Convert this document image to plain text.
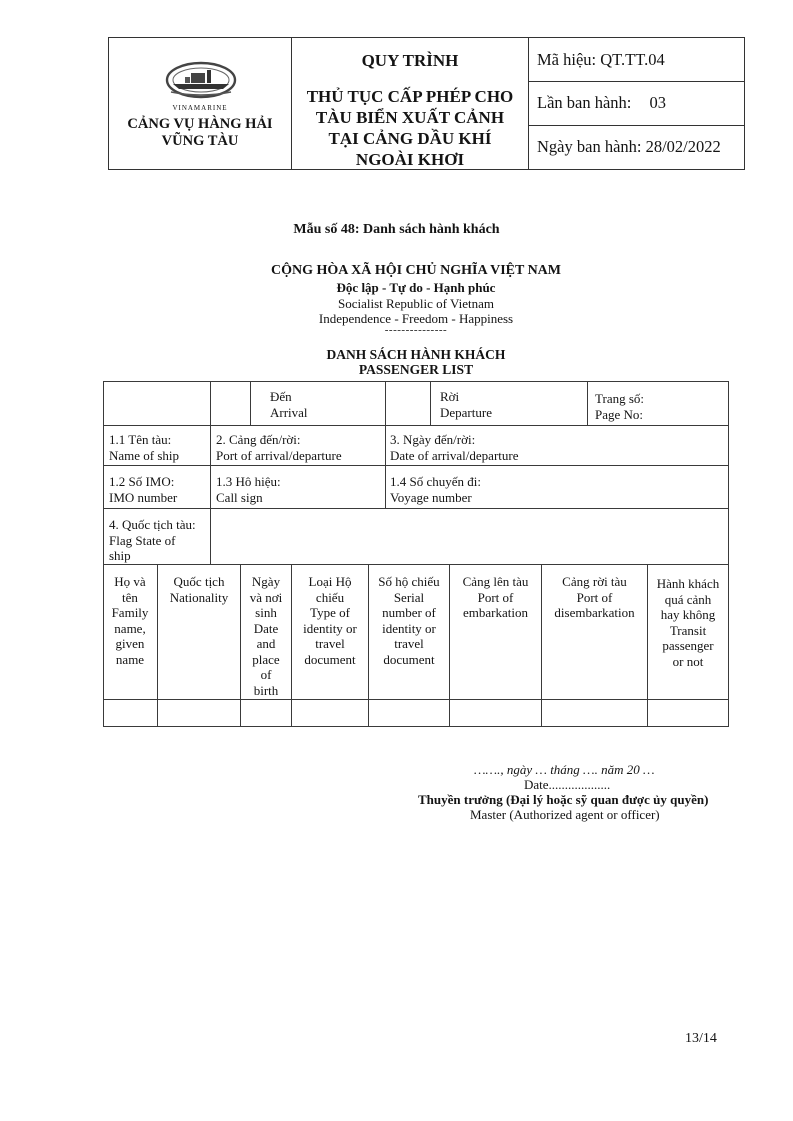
VINAMARINE
CẢNG VỤ HÀNG HẢI
VŨNG TÀU
QUY TRÌNH
THỦ TỤC CẤP PHÉP CHO
TÀU BIỂN XUẤT CẢNH
TẠI CẢNG DẦU KHÍ
NGOÀI KHƠI
Mã hiệu: QT.TT.04
Lần ban hành: 03
Ngày ban hành: 28/02/2022
Mẫu số 48: Danh sách hành khách
CỘNG HÒA XÃ HỘI CHỦ NGHĨA VIỆT NAM
Độc lập - Tự do - Hạnh phúc
Socialist Republic of Vietnam
Independence - Freedom - Happiness
---------------
DANH SÁCH HÀNH KHÁCH
PASSENGER LIST
Đến
Arrival
Rời
Departure
Trang số:
Page No:
1.1 Tên tàu:
Name of ship
2. Cảng đến/rời:
Port of arrival/departure
3. Ngày đến/rời:
Date of arrival/departure
1.2 Số IMO:
IMO number
1.3 Hô hiệu:
Call sign
1.4 Số chuyến đi:
Voyage number
4. Quốc tịch tàu:
Flag State of
ship
Họ và
tên
Family
name,
given
name
Quốc tịch
Nationality
Ngày
và nơi
sinh
Date
and
place
of
birth
Loại Hộ
chiếu
Type of
identity or
travel
document
Số hộ chiếu
Serial
number of
identity or
travel
document
Cảng lên tàu
Port of
embarkation
Cảng rời tàu
Port of
disembarkation
Hành khách
quá cảnh
hay không
Transit
passenger
or not
……., ngày … tháng …. năm 20 …
Date...................
Thuyền trưởng (Đại lý hoặc sỹ quan được ủy quyền)
Master (Authorized agent or officer)
13/14
